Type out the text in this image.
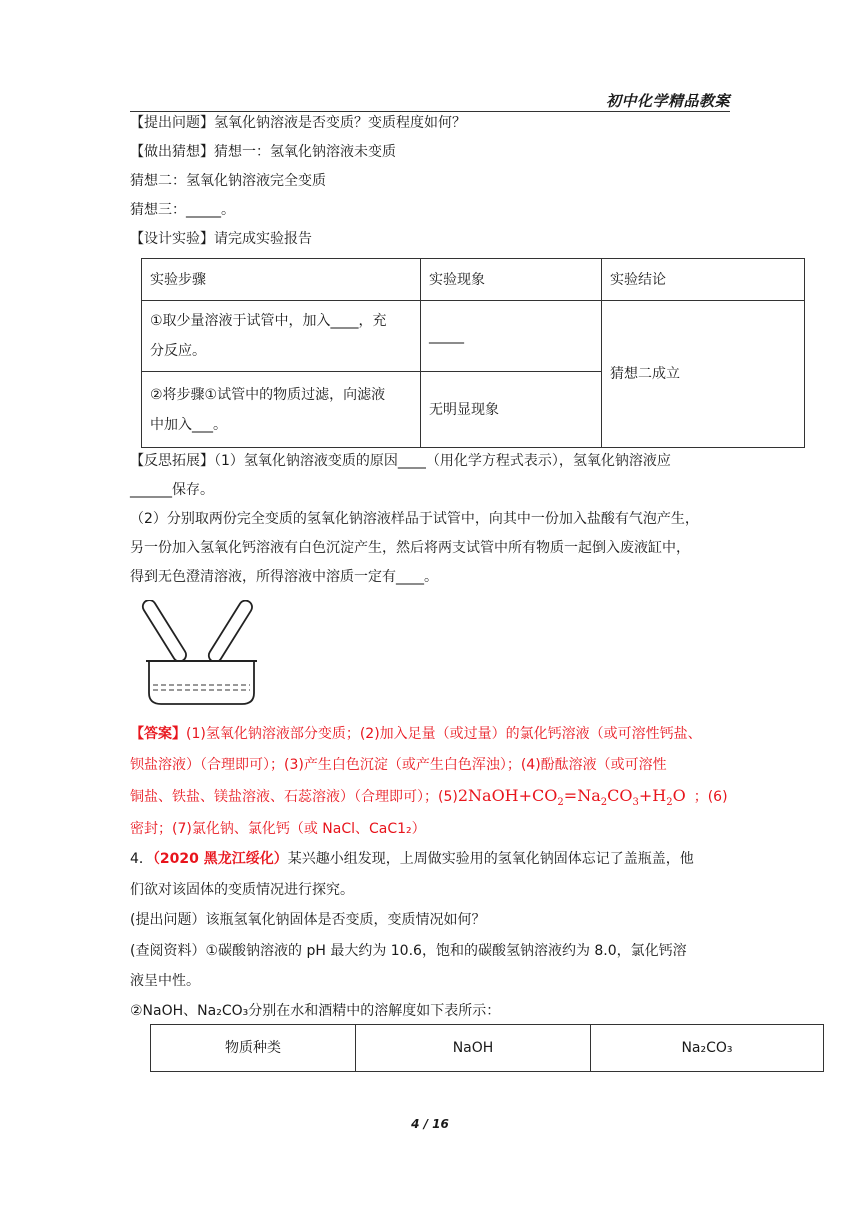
初中化学精品教案
【提出问题】氢氧化钠溶液是否变质？变质程度如何？
【做出猜想】猜想一：氢氧化钠溶液未变质
猜想二：氢氧化钠溶液完全变质
猜想三：_____。
【设计实验】请完成实验报告
实验步骤	实验现象	实验结论

①取少量溶液于试管中，加入____，充
分反应。	_____	猜想二成立

②将步骤①试管中的物质过滤，向滤液
中加入___。	无明显现象	
【反思拓展】（1）氢氧化钠溶液变质的原因____（用化学方程式表示），氢氧化钠溶液应
______保存。
（2）分别取两份完全变质的氢氧化钠溶液样品于试管中，向其中一份加入盐酸有气泡产生，
另一份加入氢氧化钙溶液有白色沉淀产生，然后将两支试管中所有物质一起倒入废液缸中，
得到无色澄清溶液，所得溶液中溶质一定有____。
【答案】(1)氢氧化钠溶液部分变质；(2)加入足量（或过量）的氯化钙溶液（或可溶性钙盐、
钡盐溶液）（合理即可）；(3)产生白色沉淀（或产生白色浑浊）；(4)酚酞溶液（或可溶性
铜盐、铁盐、镁盐溶液、石蕊溶液）（合理即可）；$(5)2NaOH+CO_2=Na_2CO_3+H_2O$ ；(6)
密封；(7)氯化钠、氯化钙（或 NaCl、CaC1₂）
4．（2020 黑龙江绥化）某兴趣小组发现，上周做实验用的氢氧化钠固体忘记了盖瓶盖，他
们欲对该固体的变质情况进行探究。
(提出问题）该瓶氢氧化钠固体是否变质，变质情况如何？
(查阅资料）①碳酸钠溶液的 pH 最大约为 10.6，饱和的碳酸氢钠溶液约为 8.0，氯化钙溶
液呈中性。
②NaOH、Na₂CO₃分别在水和酒精中的溶解度如下表所示：
物质种类	NaOH	Na₂CO₃
4 / 16
